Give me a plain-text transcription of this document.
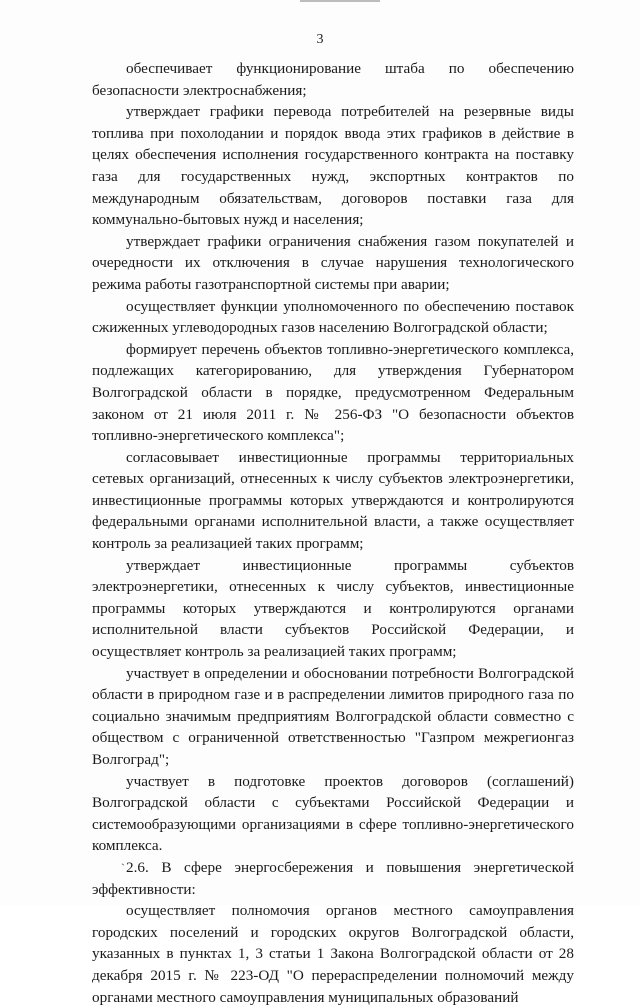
3

обеспечивает функционирование штаба по обеспечению безопасности электроснабжения;

утверждает графики перевода потребителей на резервные виды топлива при похолодании и порядок ввода этих графиков в действие в целях обеспечения исполнения государственного контракта на поставку газа для государственных нужд, экспортных контрактов по международным обязательствам, договоров поставки газа для коммунально-бытовых нужд и населения;

утверждает графики ограничения снабжения газом покупателей и очередности их отключения в случае нарушения технологического режима работы газотранспортной системы при аварии;

осуществляет функции уполномоченного по обеспечению поставок сжиженных углеводородных газов населению Волгоградской области;

формирует перечень объектов топливно-энергетического комплекса, подлежащих категорированию, для утверждения Губернатором Волгоградской области в порядке, предусмотренном Федеральным законом от 21 июля 2011 г. № 256-ФЗ "О безопасности объектов топливно-энергетического комплекса";

согласовывает инвестиционные программы территориальных сетевых организаций, отнесенных к числу субъектов электроэнергетики, инвестиционные программы которых утверждаются и контролируются федеральными органами исполнительной власти, а также осуществляет контроль за реализацией таких программ;

утверждает инвестиционные программы субъектов электроэнергетики, отнесенных к числу субъектов, инвестиционные программы которых утверждаются и контролируются органами исполнительной власти субъектов Российской Федерации, и осуществляет контроль за реализацией таких программ;

участвует в определении и обосновании потребности Волгоградской области в природном газе и в распределении лимитов природного газа по социально значимым предприятиям Волгоградской области совместно с обществом с ограниченной ответственностью "Газпром межрегионгаз Волгоград";

участвует в подготовке проектов договоров (соглашений) Волгоградской области с субъектами Российской Федерации и системообразующими организациями в сфере топливно-энергетического комплекса.

2.6. В сфере энергосбережения и повышения энергетической эффективности:

осуществляет полномочия органов местного самоуправления городских поселений и городских округов Волгоградской области, указанных в пунктах 1, 3 статьи 1 Закона Волгоградской области от 28 декабря 2015 г. № 223-ОД "О перераспределении полномочий между органами местного самоуправления муниципальных образований

ˋ
